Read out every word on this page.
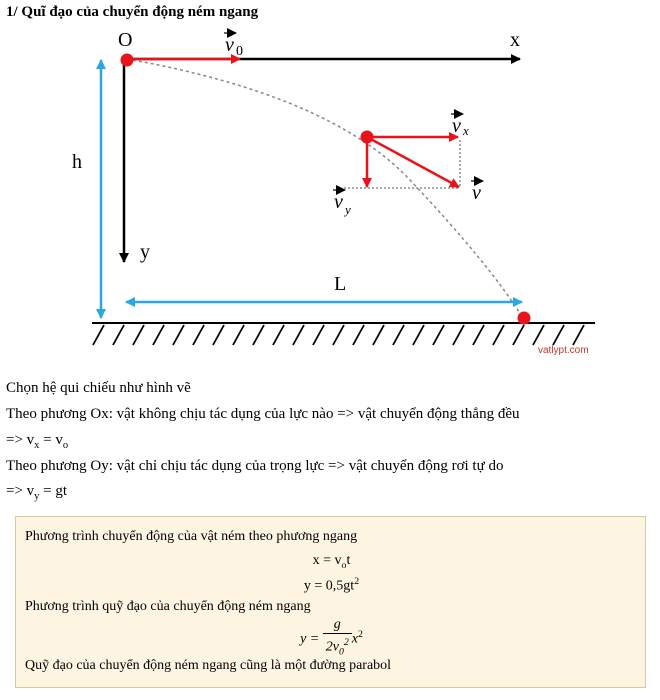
1/ Quĩ đạo của chuyển động ném ngang
O	x
y
h
L
v 0
v x
v y
v
vatlypt.com
Chọn hệ qui chiếu như hình vẽ
Theo phương Ox: vật không chịu tác dụng của lực nào => vật chuyển động thẳng đều
=> $v_x = v_o$
Theo phương Oy: vật chỉ chịu tác dụng của trọng lực => vật chuyển động rơi tự do
=> $v_y$ = gt
Phương trình chuyển động của vật ném theo phương ngang
$x = v_ot$
$y = 0,5gt^2$
Phương trình quỹ đạo của chuyển động ném ngang
$y = \frac{g}{2v_0^2} x^2$
Quỹ đạo của chuyển động ném ngang cũng là một đường parabol
